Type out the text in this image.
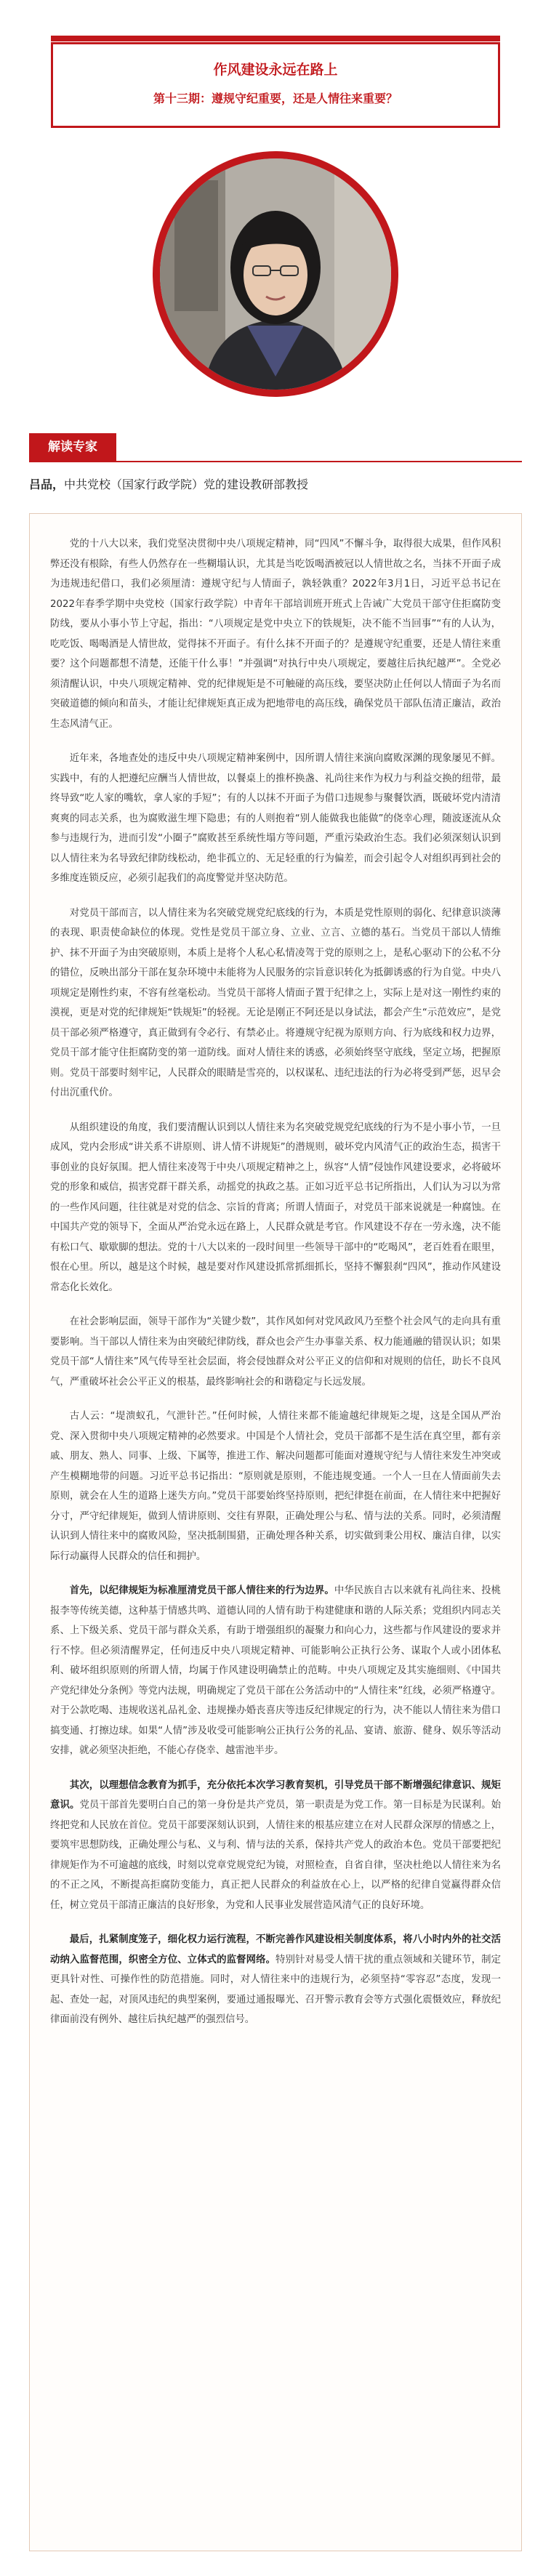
作风建设永远在路上
第十三期：遵规守纪重要，还是人情往来重要？
解读专家
吕品，中共党校（国家行政学院）党的建设教研部教授

党的十八大以来，我们党坚决贯彻中央八项规定精神，同“四风”不懈斗争，取得很大成果，但作风积弊还没有根除，有些人仍然存在一些糊塌认识，尤其是当吃饭喝酒被冠以人情世故之名，当抹不开面子成为违规违纪借口，我们必须厘清：遵规守纪与人情面子，孰轻孰重？2022年3月1日，习近平总书记在2022年春季学期中央党校（国家行政学院）中青年干部培训班开班式上告诫广大党员干部守住拒腐防变防线，要从小事小节上守起，指出：“八项规定是党中央立下的铁规矩，决不能不当回事”“有的人认为，吃吃饭、喝喝酒是人情世故，觉得抹不开面子。有什么抹不开面子的？是遵规守纪重要，还是人情往来重要？这个问题都想不清楚，还能干什么事！”并强调“对执行中央八项规定，要越往后执纪越严”。全党必须清醒认识，中央八项规定精神、党的纪律规矩是不可触碰的高压线，要坚决防止任何以人情面子为名而突破道德的倾向和苗头，才能让纪律规矩真正成为把地带电的高压线，确保党员干部队伍清正廉洁，政治生态风清气正。

近年来，各地查处的违反中央八项规定精神案例中，因所谓人情往来演向腐败深渊的现象屡见不鲜。实践中，有的人把遵纪应酬当人情世故，以餐桌上的推杯换盏、礼尚往来作为权力与利益交换的纽带，最终导致“吃人家的嘴软，拿人家的手短”；有的人以抹不开面子为借口违规参与聚餐饮酒，既破坏党内清清爽爽的同志关系，也为腐败滋生埋下隐患；有的人则抱着“别人能做我也能做”的侥幸心理，随波逐流从众参与违规行为，进而引发“小圈子”腐败甚至系统性塌方等问题，严重污染政治生态。我们必须深刻认识到以人情往来为名导致纪律防线松动，绝非孤立的、无足轻重的行为偏差，而会引起令人对组织再到社会的多维度连锁反应，必须引起我们的高度警觉并坚决防范。

对党员干部而言，以人情往来为名突破党规党纪底线的行为，本质是党性原则的弱化、纪律意识淡薄的表现、职责使命缺位的体现。党性是党员干部立身、立业、立言、立德的基石。当党员干部以人情维护、抹不开面子为由突破原则，本质上是将个人私心私情凌驾于党的原则之上，是私心驱动下的公私不分的错位，反映出部分干部在复杂环境中未能将为人民服务的宗旨意识转化为抵御诱惑的行为自觉。中央八项规定是刚性约束，不容有丝毫松动。当党员干部将人情面子置于纪律之上，实际上是对这一刚性约束的漠视，更是对党的纪律规矩“铁规矩”的轻视。无论是刚正不阿还是以身试法，都会产生“示范效应”，是党员干部必须严格遵守，真正做到有令必行、有禁必止。将遵规守纪视为原则方向、行为底线和权力边界，党员干部才能守住拒腐防变的第一道防线。面对人情往来的诱惑，必须始终坚守底线，坚定立场，把握原则。党员干部要时刻牢记，人民群众的眼睛是雪亮的，以权谋私、违纪违法的行为必将受到严惩，迟早会付出沉重代价。

从组织建设的角度，我们要清醒认识到以人情往来为名突破党规党纪底线的行为不是小事小节，一旦成风，党内会形成“讲关系不讲原则、讲人情不讲规矩”的潜规则，破坏党内风清气正的政治生态，损害干事创业的良好氛围。把人情往来凌驾于中央八项规定精神之上，纵容“人情”侵蚀作风建设要求，必将破坏党的形象和威信，损害党群干群关系，动摇党的执政之基。正如习近平总书记所指出，人们认为习以为常的一些作风问题，往往就是对党的信念、宗旨的背离；所谓人情面子，对党员干部来说就是一种腐蚀。在中国共产党的领导下，全面从严治党永远在路上，人民群众就是考官。作风建设不存在一劳永逸，决不能有松口气、歇歇脚的想法。党的十八大以来的一段时间里一些领导干部中的“吃喝风”，老百姓看在眼里，恨在心里。所以，越是这个时候，越是要对作风建设抓常抓细抓长，坚持不懈狠刹“四风”，推动作风建设常态化长效化。

在社会影响层面，领导干部作为“关键少数”，其作风如何对党风政风乃至整个社会风气的走向具有重要影响。当干部以人情往来为由突破纪律防线，群众也会产生办事靠关系、权力能通融的错误认识；如果党员干部“人情往来”风气传导至社会层面，将会侵蚀群众对公平正义的信仰和对规则的信任，助长不良风气，严重破坏社会公平正义的根基，最终影响社会的和谐稳定与长远发展。

古人云：“堤溃蚁孔，气泄针芒。”任何时候，人情往来都不能逾越纪律规矩之堤，这是全国从严治党、深入贯彻中央八项规定精神的必然要求。中国是个人情社会，党员干部都不是生活在真空里，都有亲戚、朋友、熟人、同事、上级、下属等，推进工作、解决问题都可能面对遵规守纪与人情往来发生冲突或产生模糊地带的问题。习近平总书记指出：“原则就是原则，不能违规变通。一个人一旦在人情面前失去原则，就会在人生的道路上迷失方向。”党员干部要始终坚持原则，把纪律挺在前面，在人情往来中把握好分寸，严守纪律规矩，做到人情讲原则、交往有界限，正确处理公与私、情与法的关系。同时，必须清醒认识到人情往来中的腐败风险，坚决抵制围猎，正确处理各种关系，切实做到秉公用权、廉洁自律，以实际行动赢得人民群众的信任和拥护。

首先，以纪律规矩为标准厘清党员干部人情往来的行为边界。中华民族自古以来就有礼尚往来、投桃报李等传统美德，这种基于情感共鸣、道德认同的人情有助于构建健康和谐的人际关系；党组织内同志关系、上下级关系、党员干部与群众关系，有助于增强组织的凝聚力和向心力，这些都与作风建设的要求并行不悖。但必须清醒界定，任何违反中央八项规定精神、可能影响公正执行公务、谋取个人或小团体私利、破坏组织原则的所谓人情，均属于作风建设明确禁止的范畴。中央八项规定及其实施细则、《中国共产党纪律处分条例》等党内法规，明确规定了党员干部在公务活动中的“人情往来”红线，必须严格遵守。对于公款吃喝、违规收送礼品礼金、违规操办婚丧喜庆等违反纪律规定的行为，决不能以人情往来为借口搞变通、打擦边球。如果“人情”涉及收受可能影响公正执行公务的礼品、宴请、旅游、健身、娱乐等活动安排，就必须坚决拒绝，不能心存侥幸、越雷池半步。

其次，以理想信念教育为抓手，充分依托本次学习教育契机，引导党员干部不断增强纪律意识、规矩意识。党员干部首先要明白自己的第一身份是共产党员，第一职责是为党工作。第一目标是为民谋利。始终把党和人民放在首位。党员干部要深刻认识到，人情往来的根基应建立在对人民群众深厚的情感之上，要筑牢思想防线，正确处理公与私、义与利、情与法的关系，保持共产党人的政治本色。党员干部要把纪律规矩作为不可逾越的底线，时刻以党章党规党纪为镜，对照检查，自省自律，坚决杜绝以人情往来为名的不正之风，不断提高拒腐防变能力，真正把人民群众的利益放在心上，以严格的纪律自觉赢得群众信任，树立党员干部清正廉洁的良好形象，为党和人民事业发展营造风清气正的良好环境。

最后，扎紧制度笼子，细化权力运行流程，不断完善作风建设相关制度体系，将八小时内外的社交活动纳入监督范围，织密全方位、立体式的监督网络。特别针对易受人情干扰的重点领域和关键环节，制定更具针对性、可操作性的防范措施。同时，对人情往来中的违规行为，必须坚持“零容忍”态度，发现一起、查处一起，对顶风违纪的典型案例，要通过通报曝光、召开警示教育会等方式强化震慑效应，释放纪律面前没有例外、越往后执纪越严的强烈信号。
